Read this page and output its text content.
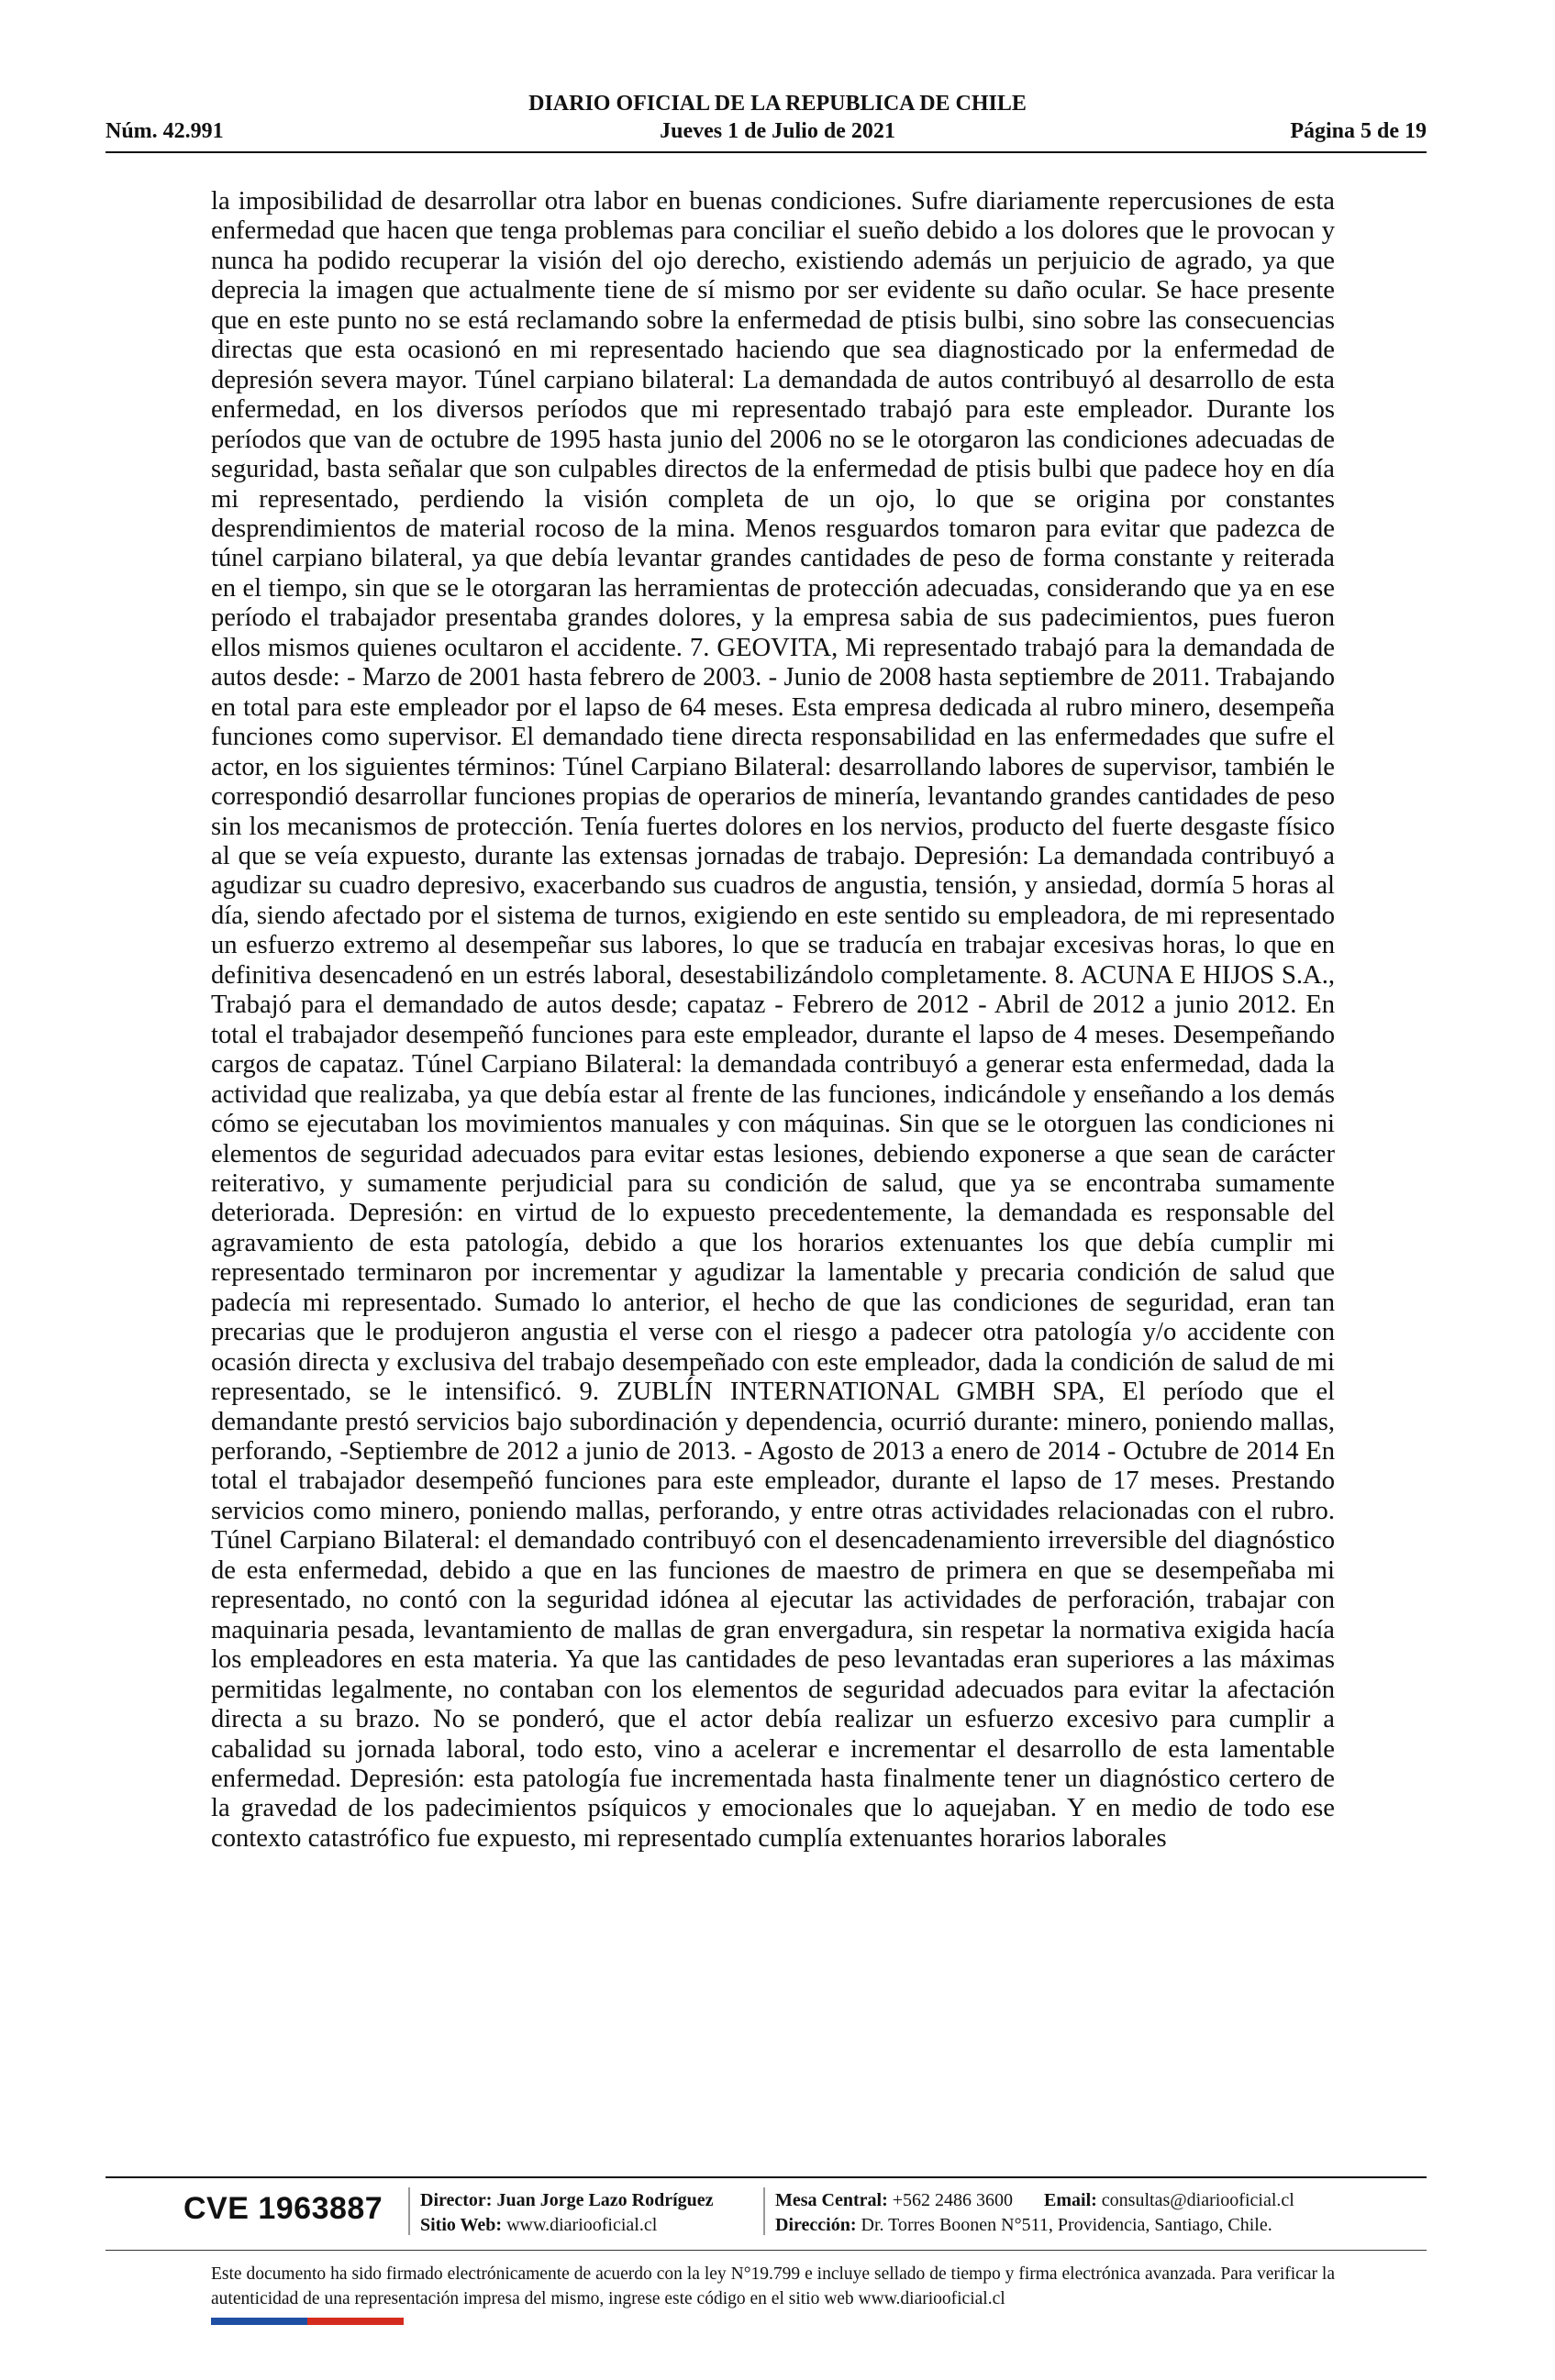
DIARIO OFICIAL DE LA REPUBLICA DE CHILE
Núm. 42.991	Jueves 1 de Julio de 2021	Página 5 de 19
la imposibilidad de desarrollar otra labor en buenas condiciones. Sufre diariamente repercusiones de esta enfermedad que hacen que tenga problemas para conciliar el sueño debido a los dolores que le provocan y nunca ha podido recuperar la visión del ojo derecho, existiendo además un perjuicio de agrado, ya que deprecia la imagen que actualmente tiene de sí mismo por ser evidente su daño ocular. Se hace presente que en este punto no se está reclamando sobre la enfermedad de ptisis bulbi, sino sobre las consecuencias directas que esta ocasionó en mi representado haciendo que sea diagnosticado por la enfermedad de depresión severa mayor. Túnel carpiano bilateral: La demandada de autos contribuyó al desarrollo de esta enfermedad, en los diversos períodos que mi representado trabajó para este empleador. Durante los períodos que van de octubre de 1995 hasta junio del 2006 no se le otorgaron las condiciones adecuadas de seguridad, basta señalar que son culpables directos de la enfermedad de ptisis bulbi que padece hoy en día mi representado, perdiendo la visión completa de un ojo, lo que se origina por constantes desprendimientos de material rocoso de la mina. Menos resguardos tomaron para evitar que padezca de túnel carpiano bilateral, ya que debía levantar grandes cantidades de peso de forma constante y reiterada en el tiempo, sin que se le otorgaran las herramientas de protección adecuadas, considerando que ya en ese período el trabajador presentaba grandes dolores, y la empresa sabia de sus padecimientos, pues fueron ellos mismos quienes ocultaron el accidente. 7. GEOVITA, Mi representado trabajó para la demandada de autos desde: - Marzo de 2001 hasta febrero de 2003. - Junio de 2008 hasta septiembre de 2011. Trabajando en total para este empleador por el lapso de 64 meses. Esta empresa dedicada al rubro minero, desempeña funciones como supervisor. El demandado tiene directa responsabilidad en las enfermedades que sufre el actor, en los siguientes términos: Túnel Carpiano Bilateral: desarrollando labores de supervisor, también le correspondió desarrollar funciones propias de operarios de minería, levantando grandes cantidades de peso sin los mecanismos de protección. Tenía fuertes dolores en los nervios, producto del fuerte desgaste físico al que se veía expuesto, durante las extensas jornadas de trabajo. Depresión: La demandada contribuyó a agudizar su cuadro depresivo, exacerbando sus cuadros de angustia, tensión, y ansiedad, dormía 5 horas al día, siendo afectado por el sistema de turnos, exigiendo en este sentido su empleadora, de mi representado un esfuerzo extremo al desempeñar sus labores, lo que se traducía en trabajar excesivas horas, lo que en definitiva desencadenó en un estrés laboral, desestabilizándolo completamente. 8. ACUNA E HIJOS S.A., Trabajó para el demandado de autos desde; capataz - Febrero de 2012 - Abril de 2012 a junio 2012. En total el trabajador desempeñó funciones para este empleador, durante el lapso de 4 meses. Desempeñando cargos de capataz. Túnel Carpiano Bilateral: la demandada contribuyó a generar esta enfermedad, dada la actividad que realizaba, ya que debía estar al frente de las funciones, indicándole y enseñando a los demás cómo se ejecutaban los movimientos manuales y con máquinas. Sin que se le otorguen las condiciones ni elementos de seguridad adecuados para evitar estas lesiones, debiendo exponerse a que sean de carácter reiterativo, y sumamente perjudicial para su condición de salud, que ya se encontraba sumamente deteriorada. Depresión: en virtud de lo expuesto precedentemente, la demandada es responsable del agravamiento de esta patología, debido a que los horarios extenuantes los que debía cumplir mi representado terminaron por incrementar y agudizar la lamentable y precaria condición de salud que padecía mi representado. Sumado lo anterior, el hecho de que las condiciones de seguridad, eran tan precarias que le produjeron angustia el verse con el riesgo a padecer otra patología y/o accidente con ocasión directa y exclusiva del trabajo desempeñado con este empleador, dada la condición de salud de mi representado, se le intensificó. 9. ZUBLÍN INTERNATIONAL GMBH SPA, El período que el demandante prestó servicios bajo subordinación y dependencia, ocurrió durante: minero, poniendo mallas, perforando, -Septiembre de 2012 a junio de 2013. - Agosto de 2013 a enero de 2014 - Octubre de 2014 En total el trabajador desempeñó funciones para este empleador, durante el lapso de 17 meses. Prestando servicios como minero, poniendo mallas, perforando, y entre otras actividades relacionadas con el rubro. Túnel Carpiano Bilateral: el demandado contribuyó con el desencadenamiento irreversible del diagnóstico de esta enfermedad, debido a que en las funciones de maestro de primera en que se desempeñaba mi representado, no contó con la seguridad idónea al ejecutar las actividades de perforación, trabajar con maquinaria pesada, levantamiento de mallas de gran envergadura, sin respetar la normativa exigida hacía los empleadores en esta materia. Ya que las cantidades de peso levantadas eran superiores a las máximas permitidas legalmente, no contaban con los elementos de seguridad adecuados para evitar la afectación directa a su brazo. No se ponderó, que el actor debía realizar un esfuerzo excesivo para cumplir a cabalidad su jornada laboral, todo esto, vino a acelerar e incrementar el desarrollo de esta lamentable enfermedad. Depresión: esta patología fue incrementada hasta finalmente tener un diagnóstico certero de la gravedad de los padecimientos psíquicos y emocionales que lo aquejaban. Y en medio de todo ese contexto catastrófico fue expuesto, mi representado cumplía extenuantes horarios laborales
CVE 1963887 Director: Juan Jorge Lazo Rodríguez
Sitio Web: www.diariooficial.cl
Mesa Central: +562 2486 3600 Email: consultas@diariooficial.cl
Dirección: Dr. Torres Boonen N°511, Providencia, Santiago, Chile.
Este documento ha sido firmado electrónicamente de acuerdo con la ley N°19.799 e incluye sellado de tiempo y firma electrónica avanzada. Para verificar la autenticidad de una representación impresa del mismo, ingrese este código en el sitio web www.diariooficial.cl
